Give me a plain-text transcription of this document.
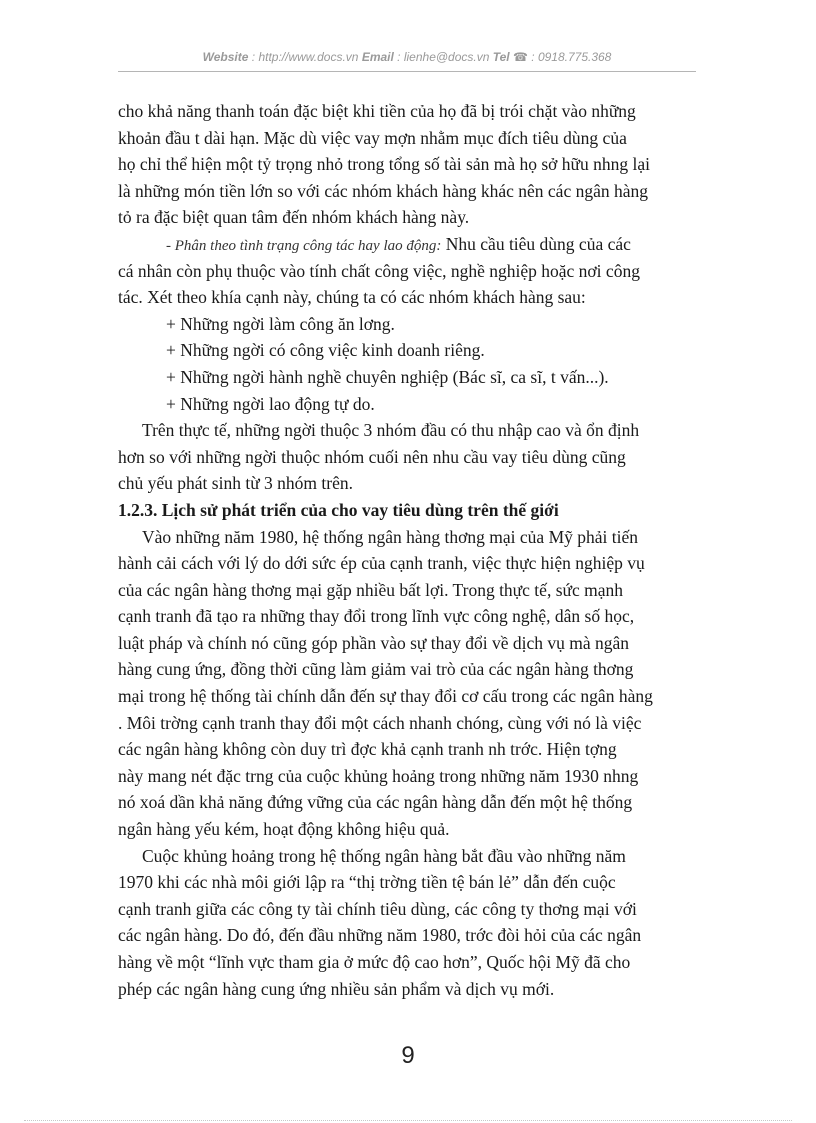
Website : http://www.docs.vn Email : lienhe@docs.vn Tel ☎ : 0918.775.368
cho khả năng thanh toán đặc biệt khi tiền của họ đã bị trói chặt vào những
khoản đầu t dài hạn. Mặc dù việc vay mợn nhằm mục đích tiêu dùng của
họ chỉ thể hiện một tỷ trọng nhỏ trong tổng số tài sản mà họ sở hữu nhng lại
là những món tiền lớn so với các nhóm khách hàng khác nên các ngân hàng
tỏ ra đặc biệt quan tâm đến nhóm khách hàng này.
- Phân theo tình trạng công tác hay lao động: Nhu cầu tiêu dùng của các
cá nhân còn phụ thuộc vào tính chất công việc, nghề nghiệp hoặc nơi công
tác. Xét theo khía cạnh này, chúng ta có các nhóm khách hàng sau:
+ Những ngời làm công ăn lơng.
+ Những ngời có công việc kinh doanh riêng.
+ Những ngời hành nghề chuyên nghiệp (Bác sĩ, ca sĩ, t vấn...).
+ Những ngời lao động tự do.
Trên thực tế, những ngời thuộc 3 nhóm đầu có thu nhập cao và ổn định
hơn so với những ngời thuộc nhóm cuối nên nhu cầu vay tiêu dùng cũng
chủ yếu phát sinh từ 3 nhóm trên.
1.2.3. Lịch sử phát triển của cho vay tiêu dùng trên thế giới
Vào những năm 1980, hệ thống ngân hàng thơng mại của Mỹ phải tiến
hành cải cách với lý do dới sức ép của cạnh tranh, việc thực hiện nghiệp vụ
của các ngân hàng thơng mại gặp nhiều bất lợi. Trong thực tế, sức mạnh
cạnh tranh đã tạo ra những thay đổi trong lĩnh vực công nghệ, dân số học,
luật pháp và chính nó cũng góp phần vào sự thay đổi về dịch vụ mà ngân
hàng cung ứng, đồng thời cũng làm giảm vai trò của các ngân hàng thơng
mại trong hệ thống tài chính dẫn đến sự thay đổi cơ cấu trong các ngân hàng
. Môi trờng cạnh tranh thay đổi một cách nhanh chóng, cùng với nó là việc
các ngân hàng không còn duy trì đợc khả cạnh tranh nh trớc. Hiện tợng
này mang nét đặc trng của cuộc khủng hoảng trong những năm 1930 nhng
nó xoá dần khả năng đứng vững của các ngân hàng dẫn đến một hệ thống
ngân hàng yếu kém, hoạt động không hiệu quả.
Cuộc khủng hoảng trong hệ thống ngân hàng bắt đầu vào những năm
1970 khi các nhà môi giới lập ra “thị trờng tiền tệ bán lẻ” dẫn đến cuộc
cạnh tranh giữa các công ty tài chính tiêu dùng, các công ty thơng mại với
các ngân hàng. Do đó, đến đầu những năm 1980, trớc đòi hỏi của các ngân
hàng về một “lĩnh vực tham gia ở mức độ cao hơn”, Quốc hội Mỹ đã cho
phép các ngân hàng cung ứng nhiều sản phẩm và dịch vụ mới.
9
